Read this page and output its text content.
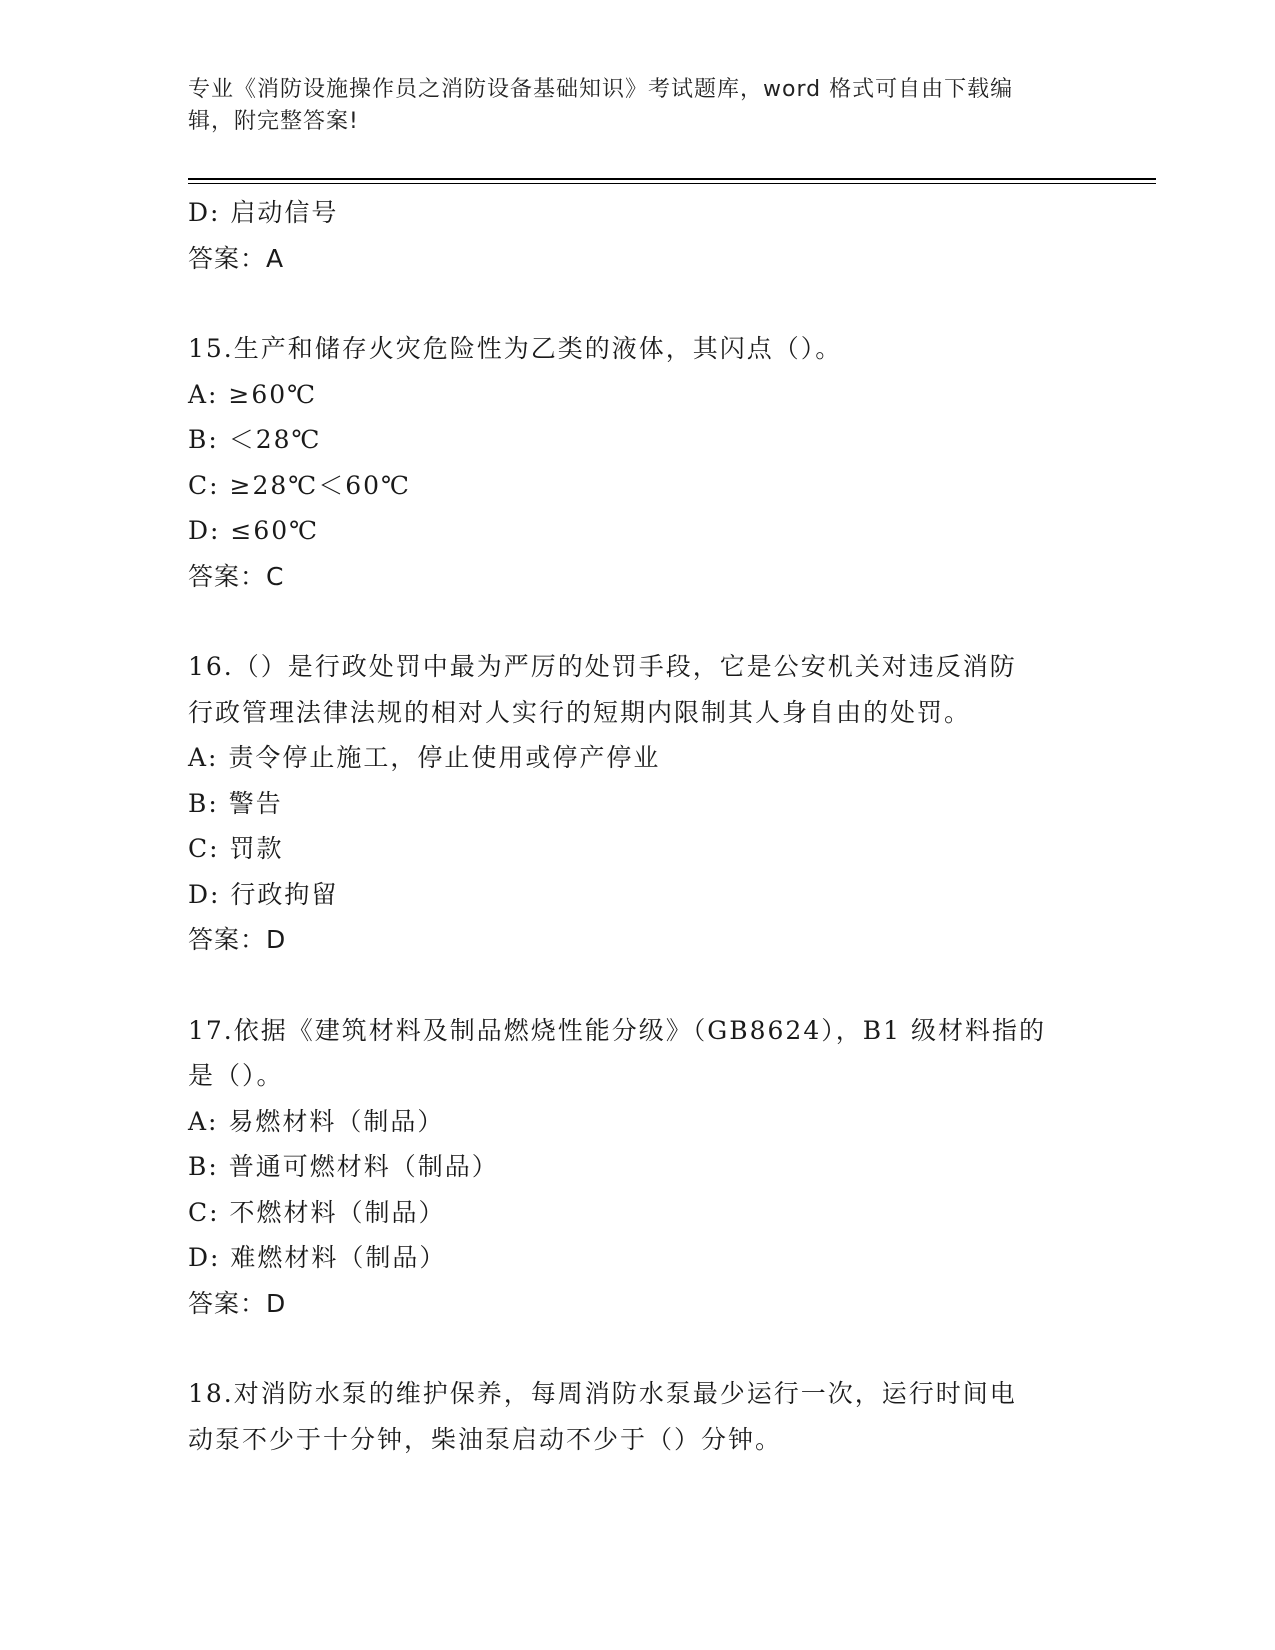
专业《消防设施操作员之消防设备基础知识》考试题库，word 格式可自由下载编
辑，附完整答案!
D: 启动信号
答案：A
15.生产和储存火灾危险性为乙类的液体，其闪点（）。
A: ≥60℃
B: ＜28℃
C: ≥28℃＜60℃
D: ≤60℃
答案：C
16.（）是行政处罚中最为严厉的处罚手段，它是公安机关对违反消防
行政管理法律法规的相对人实行的短期内限制其人身自由的处罚。
A: 责令停止施工，停止使用或停产停业
B: 警告
C: 罚款
D: 行政拘留
答案：D
17.依据《建筑材料及制品燃烧性能分级》（GB8624），B1 级材料指的
是（）。
A: 易燃材料（制品）
B: 普通可燃材料（制品）
C: 不燃材料（制品）
D: 难燃材料（制品）
答案：D
18.对消防水泵的维护保养，每周消防水泵最少运行一次，运行时间电
动泵不少于十分钟，柴油泵启动不少于（）分钟。
